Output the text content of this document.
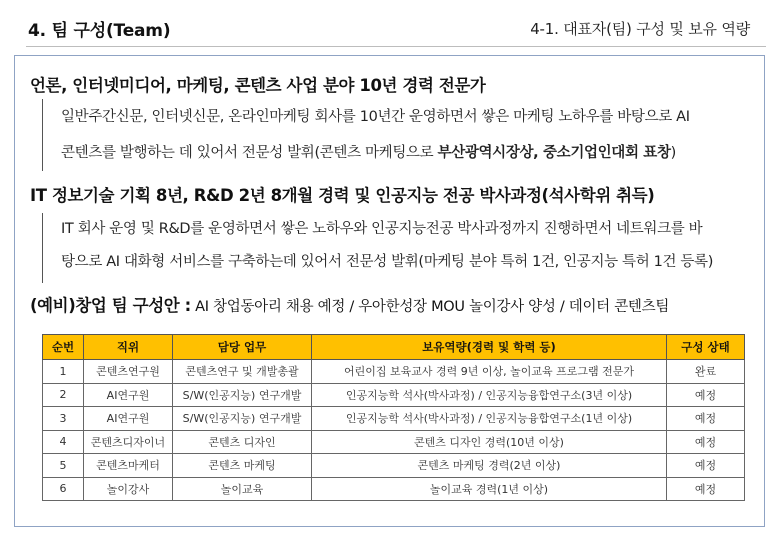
4. 팀 구성(Team)	4-1. 대표자(팀) 구성 및 보유 역량
언론, 인터넷미디어, 마케팅, 콘텐츠 사업 분야 10년 경력 전문가
일반주간신문, 인터넷신문, 온라인마케팅 회사를 10년간 운영하면서 쌓은 마케팅 노하우를 바탕으로 AI
콘텐츠를 발행하는 데 있어서 전문성 발휘(콘텐츠 마케팅으로 부산광역시장상, 중소기업인대회 표창)
IT 정보기술 기획 8년, R&D 2년 8개월 경력 및 인공지능 전공 박사과정(석사학위 취득)
IT 회사 운영 및 R&D를 운영하면서 쌓은 노하우와 인공지능전공 박사과정까지 진행하면서 네트워크를 바
탕으로 AI 대화형 서비스를 구축하는데 있어서 전문성 발휘(마케팅 분야 특허 1건, 인공지능 특허 1건 등록)
(예비)창업 팀 구성안 : AI 창업동아리 채용 예정 / 우아한성장 MOU 놀이강사 양성 / 데이터 콘텐츠팀
순번	직위	담당 업무	보유역량(경력 및 학력 등)	구성 상태
1	콘텐츠연구원	콘텐츠연구 및 개발총괄	어린이집 보육교사 경력 9년 이상, 놀이교육 프로그램 전문가	완료
2	AI연구원	S/W(인공지능) 연구개발	인공지능학 석사(박사과정) / 인공지능융합연구소(3년 이상)	예정
3	AI연구원	S/W(인공지능) 연구개발	인공지능학 석사(박사과정) / 인공지능융합연구소(1년 이상)	예정
4	콘텐츠디자이너	콘텐츠 디자인	콘텐츠 디자인 경력(10년 이상)	예정
5	콘텐츠마케터	콘텐츠 마케팅	콘텐츠 마케팅 경력(2년 이상)	예정
6	놀이강사	놀이교육	놀이교육 경력(1년 이상)	예정
